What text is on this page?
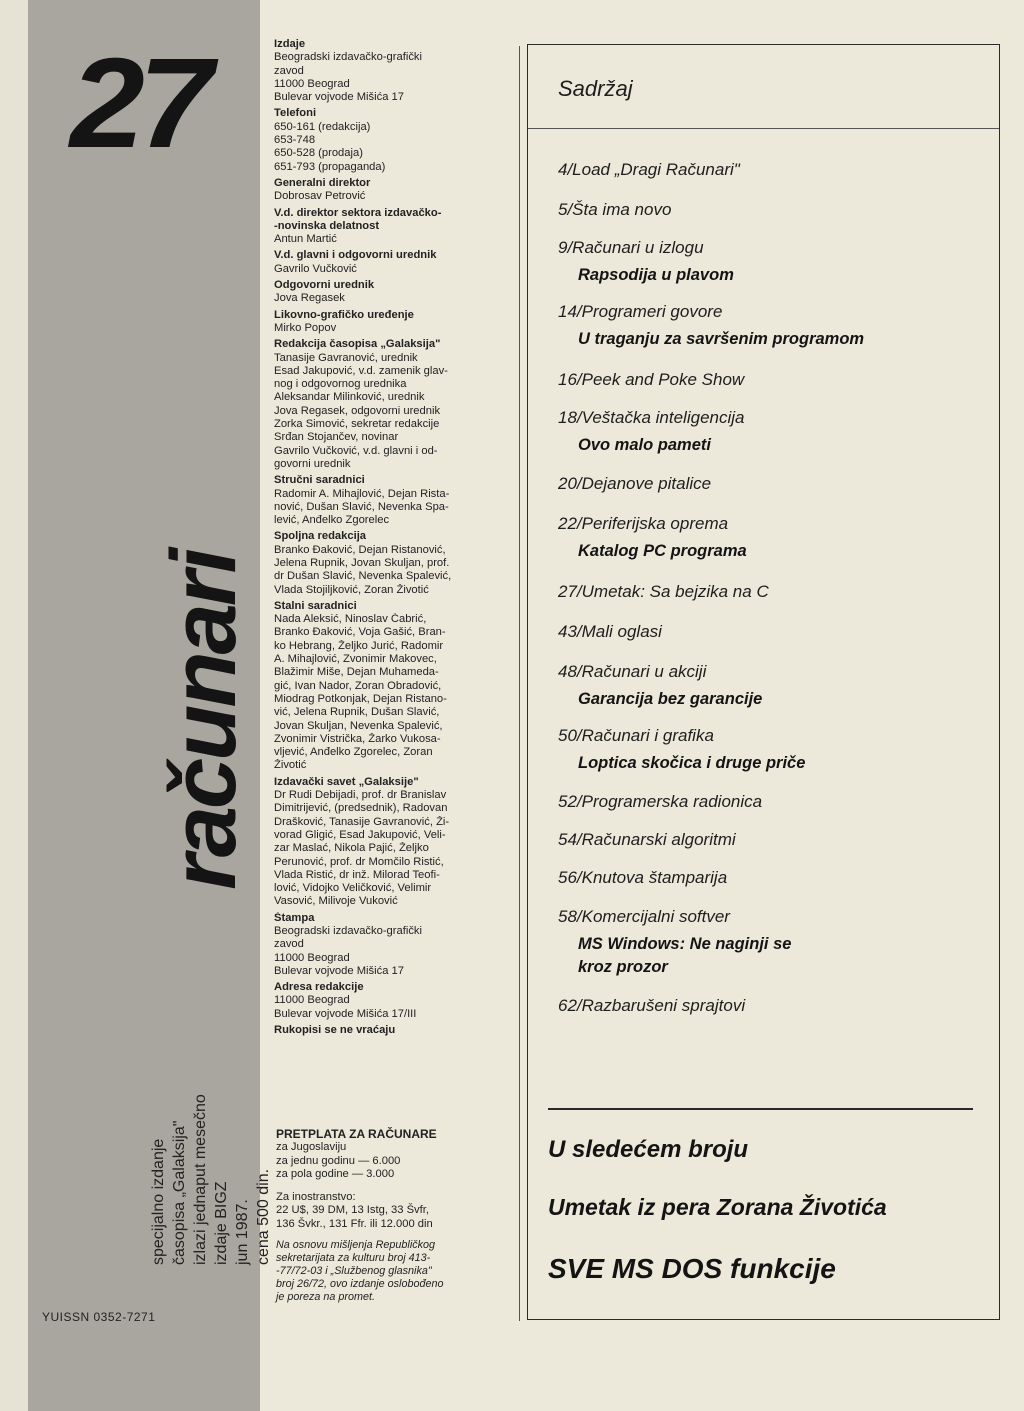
27
računari
specijalno izdanje časopisa „Galaksija" izlazi jednaput mesečno izdaje BIGZ jun 1987. cena 500 din.
YUISSN 0352-7271
Izdaje
Beogradski izdavačko-grafički
zavod
11000 Beograd
Bulevar vojvode Mišića 17
Telefoni
650-161 (redakcija)
653-748
650-528 (prodaja)
651-793 (propaganda)
Generalni direktor
Dobrosav Petrović
V.d. direktor sektora izdavačko-
-novinska delatnost
Antun Martić
V.d. glavni i odgovorni urednik
Gavrilo Vučković
Odgovorni urednik
Jova Regasek
Likovno-grafičko uređenje
Mirko Popov
Redakcija časopisa „Galaksija"
Tanasije Gavranović, urednik
Esad Jakupović, v.d. zamenik glav-
nog i odgovornog urednika
Aleksandar Milinković, urednik
Jova Regasek, odgovorni urednik
Zorka Simović, sekretar redakcije
Srđan Stojančev, novinar
Gavrilo Vučković, v.d. glavni i od-
govorni urednik
Stručni saradnici
Radomir A. Mihajlović, Dejan Rista-
nović, Dušan Slavić, Nevenka Spa-
lević, Anđelko Zgorelec
Spoljna redakcija
Branko Đaković, Dejan Ristanović,
Jelena Rupnik, Jovan Skuljan, prof.
dr Dušan Slavić, Nevenka Spalević,
Vlada Stojiljković, Zoran Životić
Stalni saradnici
Nada Aleksić, Ninoslav Čabrić,
Branko Đaković, Voja Gašić, Bran-
ko Hebrang, Željko Jurić, Radomir
A. Mihajlović, Zvonimir Makovec,
Blažimir Miše, Dejan Muhameda-
gić, Ivan Nador, Zoran Obradović,
Miodrag Potkonjak, Dejan Ristano-
vić, Jelena Rupnik, Dušan Slavić,
Jovan Skuljan, Nevenka Spalević,
Zvonimir Vistrička, Žarko Vukosa-
vljević, Anđelko Zgorelec, Zoran
Životić
Izdavački savet „Galaksije"
Dr Rudi Debijadi, prof. dr Branislav
Dimitrijević, (predsednik), Radovan
Drašković, Tanasije Gavranović, Ži-
vorad Gligić, Esad Jakupović, Veli-
zar Maslać, Nikola Pajić, Željko
Perunović, prof. dr Momčilo Ristić,
Vlada Ristić, dr inž. Milorad Teofi-
lović, Vidojko Veličković, Velimir
Vasović, Milivoje Vuković
Štampa
Beogradski izdavačko-grafički
zavod
11000 Beograd
Bulevar vojvode Mišića 17
Adresa redakcije
11000 Beograd
Bulevar vojvode Mišića 17/III
Rukopisi se ne vraćaju
PRETPLATA ZA RAČUNARE
za Jugoslaviju
za jednu godinu — 6.000
za pola godine — 3.000
Za inostranstvo:
22 U$, 39 DM, 13 Istg, 33 Švfr,
136 Švkr., 131 Ffr. ili 12.000 din
Na osnovu mišljenja Republičkog
sekretarijata za kulturu broj 413-
-77/72-03 i „Službenog glasnika"
broj 26/72, ovo izdanje oslobođeno
je poreza na promet.
Sadržaj
4/Load „Dragi Računari"
5/Šta ima novo
9/Računari u izlogu
Rapsodija u plavom
14/Programeri govore
U traganju za savršenim programom
16/Peek and Poke Show
18/Veštačka inteligencija
Ovo malo pameti
20/Dejanove pitalice
22/Periferijska oprema
Katalog PC programa
27/Umetak: Sa bejzika na C
43/Mali oglasi
48/Računari u akciji
Garancija bez garancije
50/Računari i grafika
Loptica skočica i druge priče
52/Programerska radionica
54/Računarski algoritmi
56/Knutova štamparija
58/Komercijalni softver
MS Windows: Ne naginji se
kroz prozor
62/Razbarušeni sprajtovi
U sledećem broju
Umetak iz pera Zorana Životića
SVE MS DOS funkcije
